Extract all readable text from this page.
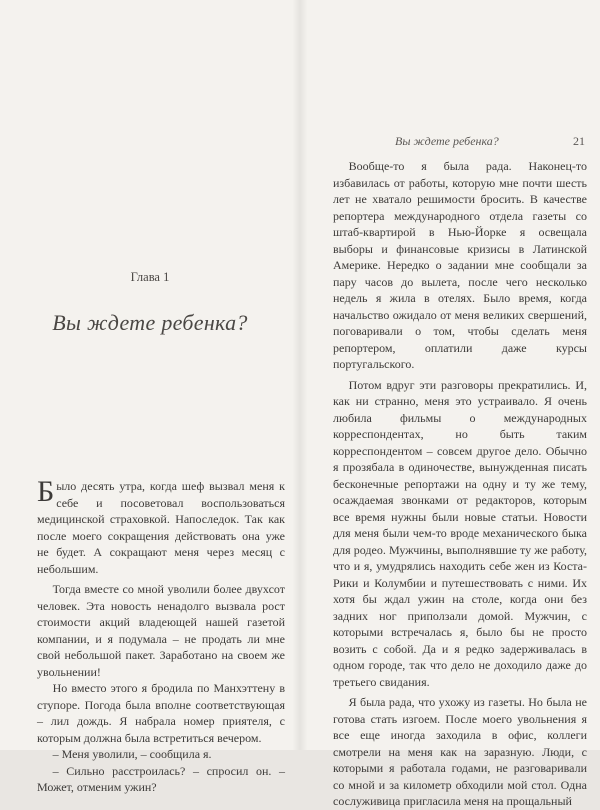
Глава 1
Вы ждете ребенка?

Было десять утра, когда шеф вызвал меня к себе и посоветовал воспользоваться медицинской страховкой. Напоследок. Так как после моего сокращения действовать она уже не будет. А сокращают меня через месяц с небольшим.

Тогда вместе со мной уволили более двухсот человек. Эта новость ненадолго вызвала рост стоимости акций владеющей нашей газетой компании, и я подумала – не продать ли мне свой небольшой пакет. Заработано на своем же увольнении!

Но вместо этого я бродила по Манхэттену в ступоре. Погода была вполне соответствующая – лил дождь. Я набрала номер приятеля, с которым должна была встретиться вечером.

– Меня уволили, – сообщила я.

– Сильно расстроилась? – спросил он. – Может, отменим ужин?

Вы ждете ребенка?	21

Вообще-то я была рада. Наконец-то избавилась от работы, которую мне почти шесть лет не хватало решимости бросить. В качестве репортера международного отдела газеты со штаб-квартирой в Нью-Йорке я освещала выборы и финансовые кризисы в Латинской Америке. Нередко о задании мне сообщали за пару часов до вылета, после чего несколько недель я жила в отелях. Было время, когда начальство ожидало от меня великих свершений, поговаривали о том, чтобы сделать меня репортером, оплатили даже курсы португальского.

Потом вдруг эти разговоры прекратились. И, как ни странно, меня это устраивало. Я очень любила фильмы о международных корреспондентах, но быть таким корреспондентом – совсем другое дело. Обычно я прозябала в одиночестве, вынужденная писать бесконечные репортажи на одну и ту же тему, осаждаемая звонками от редакторов, которым все время нужны были новые статьи. Новости для меня были чем-то вроде механического быка для родео. Мужчины, выполнявшие ту же работу, что и я, умудрялись находить себе жен из Коста-Рики и Колумбии и путешествовать с ними. Их хотя бы ждал ужин на столе, когда они без задних ног приползали домой. Мужчин, с которыми встречалась я, было бы не просто возить с собой. Да и я редко задерживалась в одном городе, так что дело не доходило даже до третьего свидания.

Я была рада, что ухожу из газеты. Но была не готова стать изгоем. После моего увольнения я все еще иногда заходила в офис, коллеги смотрели на меня как на заразную. Люди, с которыми я работала годами, не разговаривали со мной и за километр обходили мой стол. Одна сослуживица пригласила меня на прощальный
